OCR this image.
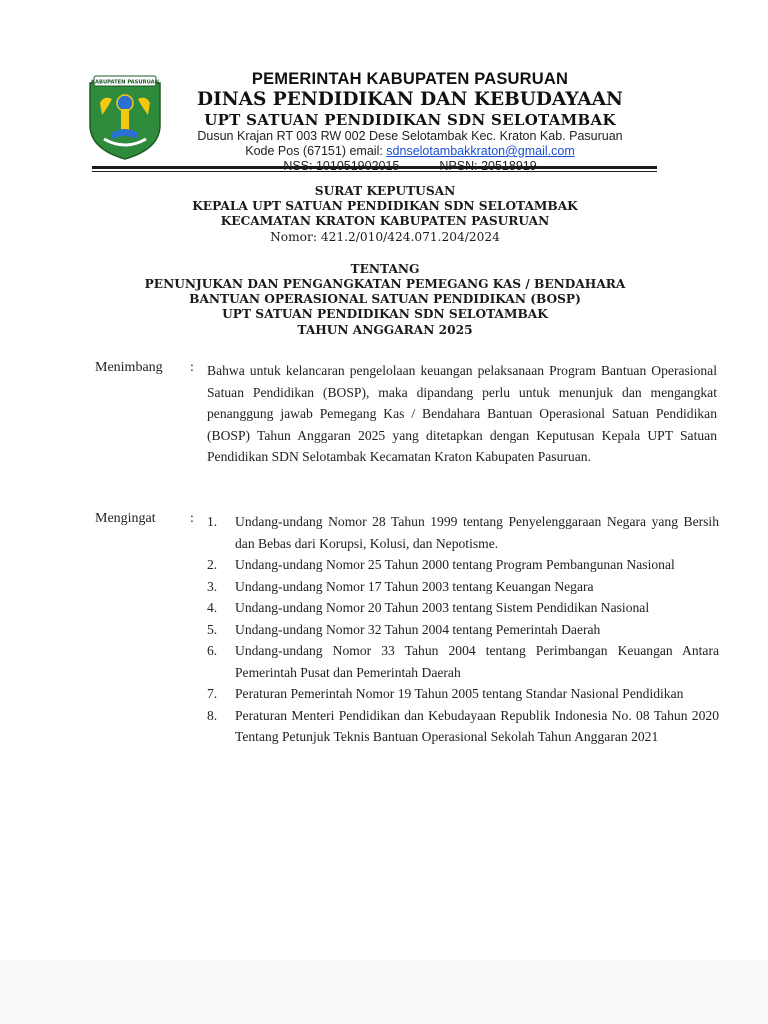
KABUPATEN PASURUAN	PEMERINTAH KABUPATEN PASURUAN
DINAS PENDIDIKAN DAN KEBUDAYAAN
UPT SATUAN PENDIDIKAN SDN SELOTAMBAK
Dusun Krajan RT 003 RW 002 Dese Selotambak Kec. Kraton Kab. Pasuruan
Kode Pos (67151) email: sdnselotambakkraton@gmail.com
SURAT KEPUTUSAN
KEPALA UPT SATUAN PENDIDIKAN SDN SELOTAMBAK
KECAMATAN KRATON KABUPATEN PASURUAN
Nomor: 421.2/010/424.071.204/2024
TENTANG
PENUNJUKAN DAN PENGANGKATAN PEMEGANG KAS / BENDAHARA
BANTUAN OPERASIONAL SATUAN PENDIDIKAN (BOSP)
UPT SATUAN PENDIDIKAN SDN SELOTAMBAK
TAHUN ANGGARAN 2025
Menimbang : Bahwa untuk kelancaran pengelolaan keuangan pelaksanaan Program Bantuan Operasional Satuan Pendidikan (BOSP), maka dipandang perlu untuk menunjuk dan mengangkat penanggung jawab Pemegang Kas / Bendahara Bantuan Operasional Satuan Pendidikan (BOSP) Tahun Anggaran 2025 yang ditetapkan dengan Keputusan Kepala UPT Satuan Pendidikan SDN Selotambak Kecamatan Kraton Kabupaten Pasuruan.
Mengingat : 1. Undang-undang Nomor 28 Tahun 1999 tentang Penyelenggaraan Negara yang Bersih dan Bebas dari Korupsi, Kolusi, dan Nepotisme.
2. Undang-undang Nomor 25 Tahun 2000 tentang Program Pembangunan Nasional
3. Undang-undang Nomor 17 Tahun 2003 tentang Keuangan Negara
4. Undang-undang Nomor 20 Tahun 2003 tentang Sistem Pendidikan Nasional
5. Undang-undang Nomor 32 Tahun 2004 tentang Pemerintah Daerah
6. Undang-undang Nomor 33 Tahun 2004 tentang Perimbangan Keuangan Antara Pemerintah Pusat dan Pemerintah Daerah
7. Peraturan Pemerintah Nomor 19 Tahun 2005 tentang Standar Nasional Pendidikan
8. Peraturan Menteri Pendidikan dan Kebudayaan Republik Indonesia No. 08 Tahun 2020 Tentang Petunjuk Teknis Bantuan Operasional Sekolah Tahun Anggaran 2021
